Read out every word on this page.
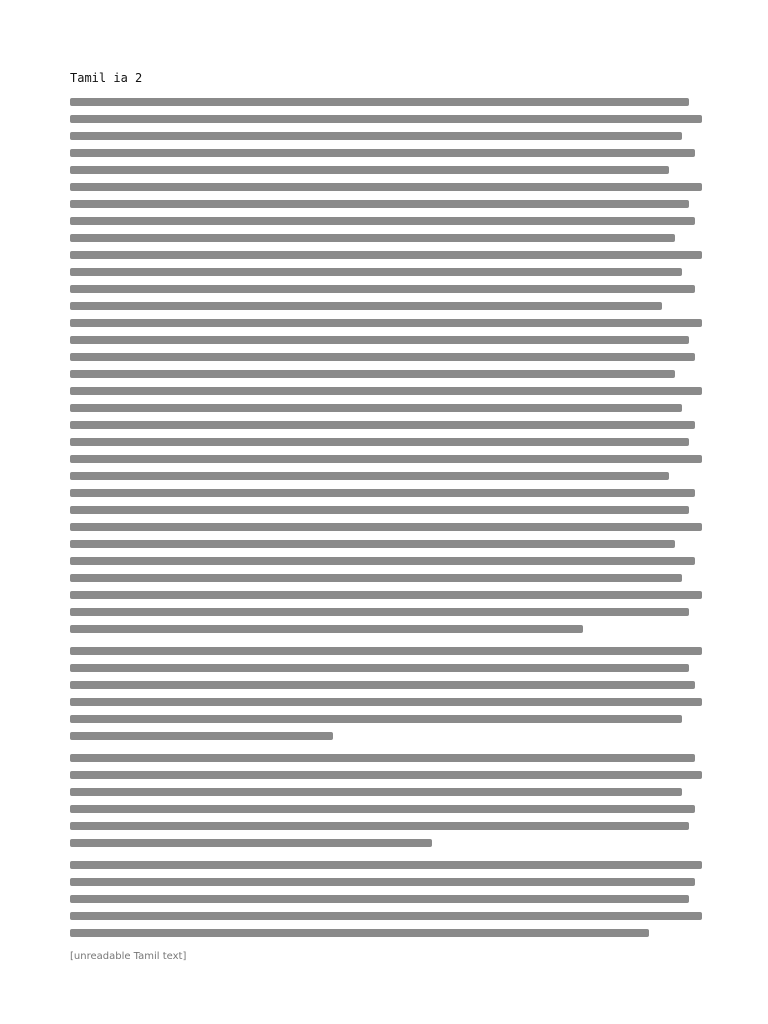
Tamil ia 2
[unreadable Tamil text]
